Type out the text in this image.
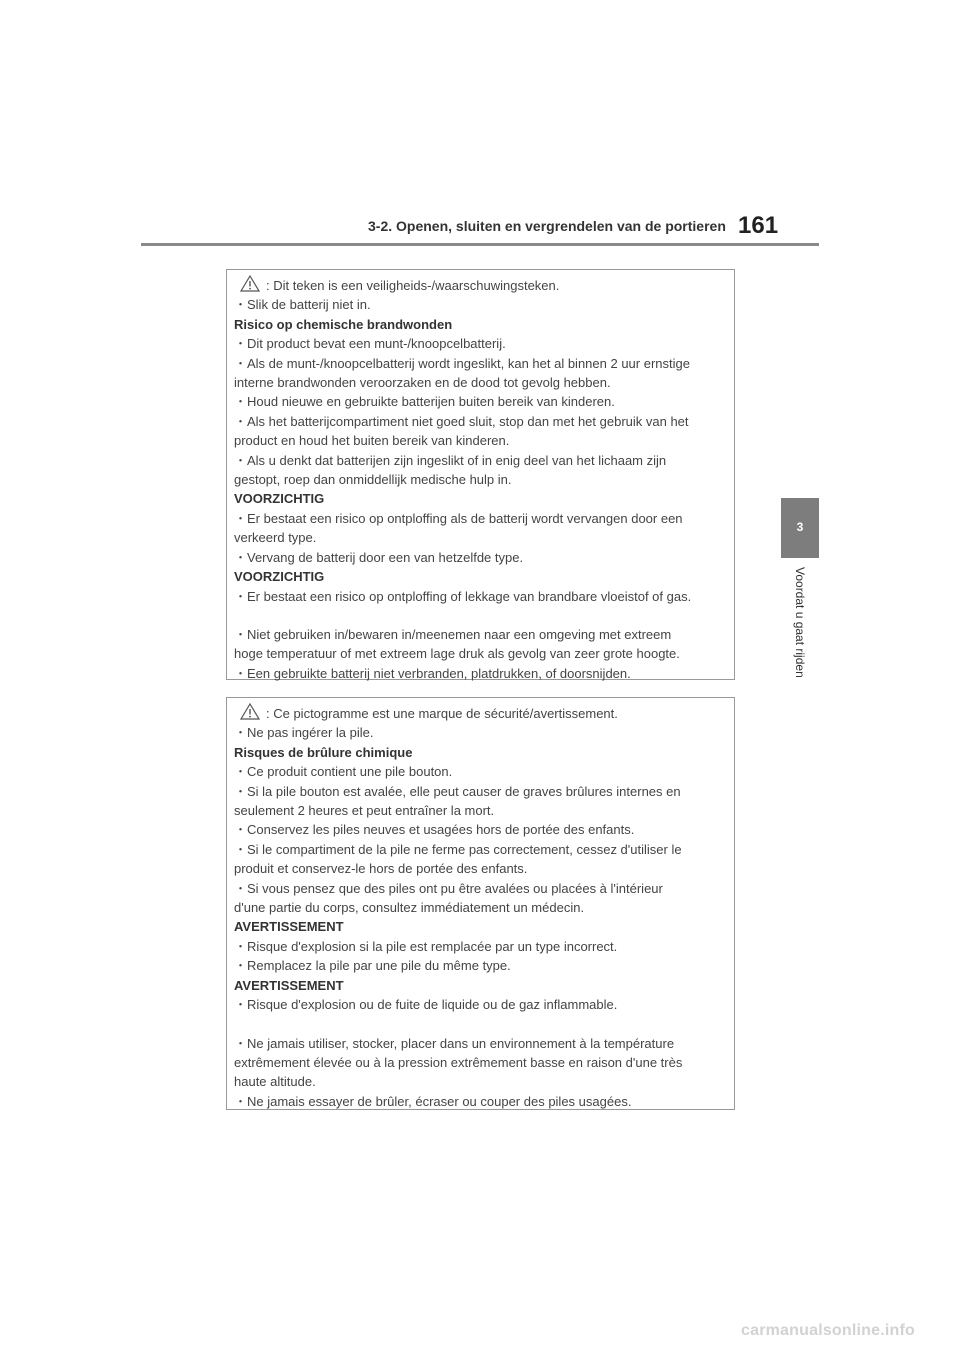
3-2. Openen, sluiten en vergrendelen van de portieren 161
3
Voordat u gaat rijden
: Dit teken is een veiligheids-/waarschuwingsteken.
・Slik de batterij niet in.
Risico op chemische brandwonden
・Dit product bevat een munt-/knoopcelbatterij.
・Als de munt-/knoopcelbatterij wordt ingeslikt, kan het al binnen 2 uur ernstige
interne brandwonden veroorzaken en de dood tot gevolg hebben.
・Houd nieuwe en gebruikte batterijen buiten bereik van kinderen.
・Als het batterijcompartiment niet goed sluit, stop dan met het gebruik van het
product en houd het buiten bereik van kinderen.
・Als u denkt dat batterijen zijn ingeslikt of in enig deel van het lichaam zijn
gestopt, roep dan onmiddellijk medische hulp in.
VOORZICHTIG
・Er bestaat een risico op ontploffing als de batterij wordt vervangen door een
verkeerd type.
・Vervang de batterij door een van hetzelfde type.
VOORZICHTIG
・Er bestaat een risico op ontploffing of lekkage van brandbare vloeistof of gas.
・Niet gebruiken in/bewaren in/meenemen naar een omgeving met extreem
hoge temperatuur of met extreem lage druk als gevolg van zeer grote hoogte.
・Een gebruikte batterij niet verbranden, platdrukken, of doorsnijden.
: Ce pictogramme est une marque de sécurité/avertissement.
・Ne pas ingérer la pile.
Risques de brûlure chimique
・Ce produit contient une pile bouton.
・Si la pile bouton est avalée, elle peut causer de graves brûlures internes en
seulement 2 heures et peut entraîner la mort.
・Conservez les piles neuves et usagées hors de portée des enfants.
・Si le compartiment de la pile ne ferme pas correctement, cessez d'utiliser le
produit et conservez-le hors de portée des enfants.
・Si vous pensez que des piles ont pu être avalées ou placées à l'intérieur
d'une partie du corps, consultez immédiatement un médecin.
AVERTISSEMENT
・Risque d'explosion si la pile est remplacée par un type incorrect.
・Remplacez la pile par une pile du même type.
AVERTISSEMENT
・Risque d'explosion ou de fuite de liquide ou de gaz inflammable.
・Ne jamais utiliser, stocker, placer dans un environnement à la température
extrêmement élevée ou à la pression extrêmement basse en raison d'une très
haute altitude.
・Ne jamais essayer de brûler, écraser ou couper des piles usagées.
carmanualsonline.info
